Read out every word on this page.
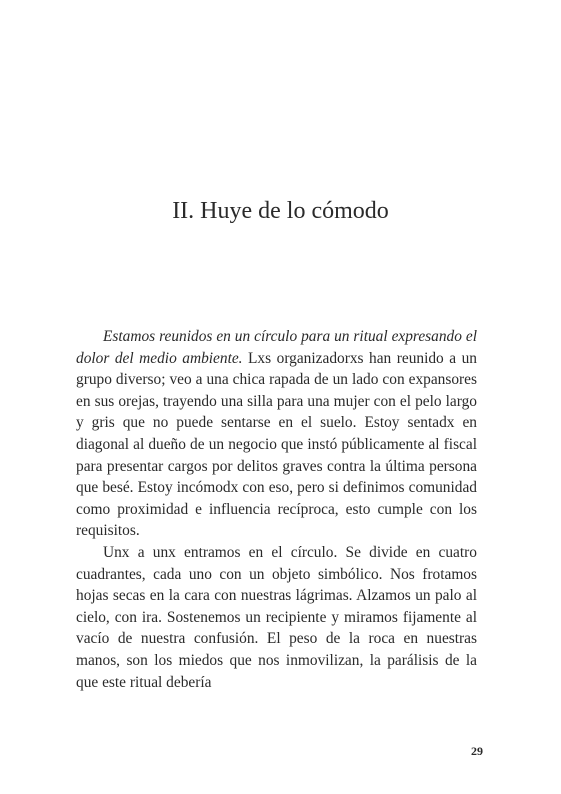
II. Huye de lo cómodo

Estamos reunidos en un círculo para un ritual expresando el dolor del medio ambiente. Lxs organizadorxs han reunido a un grupo diverso; veo a una chica rapada de un lado con expansores en sus orejas, trayendo una silla para una mujer con el pelo largo y gris que no puede sentarse en el suelo. Estoy sentadx en diagonal al dueño de un negocio que instó públicamente al fiscal para presentar cargos por delitos graves contra la última persona que besé. Estoy incómodx con eso, pero si definimos comunidad como proximidad e influencia recíproca, esto cumple con los requisitos.

Unx a unx entramos en el círculo. Se divide en cuatro cuadrantes, cada uno con un objeto simbólico. Nos frotamos hojas secas en la cara con nuestras lágrimas. Alzamos un palo al cielo, con ira. Sostenemos un recipiente y miramos fijamente al vacío de nuestra confusión. El peso de la roca en nuestras manos, son los miedos que nos inmovilizan, la parálisis de la que este ritual debería

29
